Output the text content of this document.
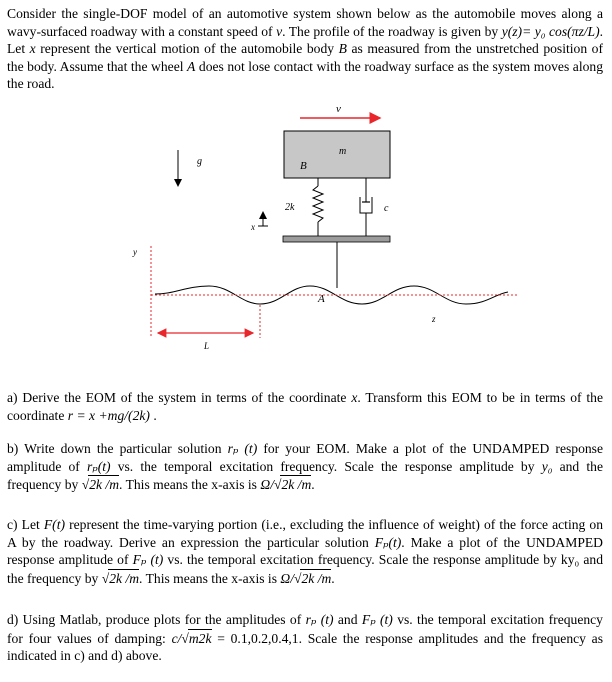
Consider the single-DOF model of an automotive system shown below as the automobile moves along a wavy-surfaced roadway with a constant speed of v. The profile of the roadway is given by y(z)= y₀ cos(πz/L). Let x represent the vertical motion of the automobile body B as measured from the unstretched position of the body. Assume that the wheel A does not lose contact with the roadway surface as the system moves along the road.

v
m
B
g
x
2k	c
y
A
z
L

a) Derive the EOM of the system in terms of the coordinate x. Transform this EOM to be in terms of the coordinate r = x +mg/(2k) .

b) Write down the particular solution rₚ (t) for your EOM. Make a plot of the UNDAMPED response amplitude of rₚ(t) vs. the temporal excitation frequency. Scale the response amplitude by y₀ and the frequency by √2k /m. This means the x-axis is Ω/√2k /m.

c) Let F(t) represent the time-varying portion (i.e., excluding the influence of weight) of the force acting on A by the roadway. Derive an expression the particular solution Fₚ(t). Make a plot of the UNDAMPED response amplitude of Fₚ (t) vs. the temporal excitation frequency. Scale the response amplitude by ky₀ and the frequency by √2k /m. This means the x-axis is Ω/√2k /m.

d) Using Matlab, produce plots for the amplitudes of rₚ (t) and Fₚ (t) vs. the temporal excitation frequency for four values of damping: c/√m2k = 0.1,0.2,0.4,1. Scale the response amplitudes and the frequency as indicated in c) and d) above.
